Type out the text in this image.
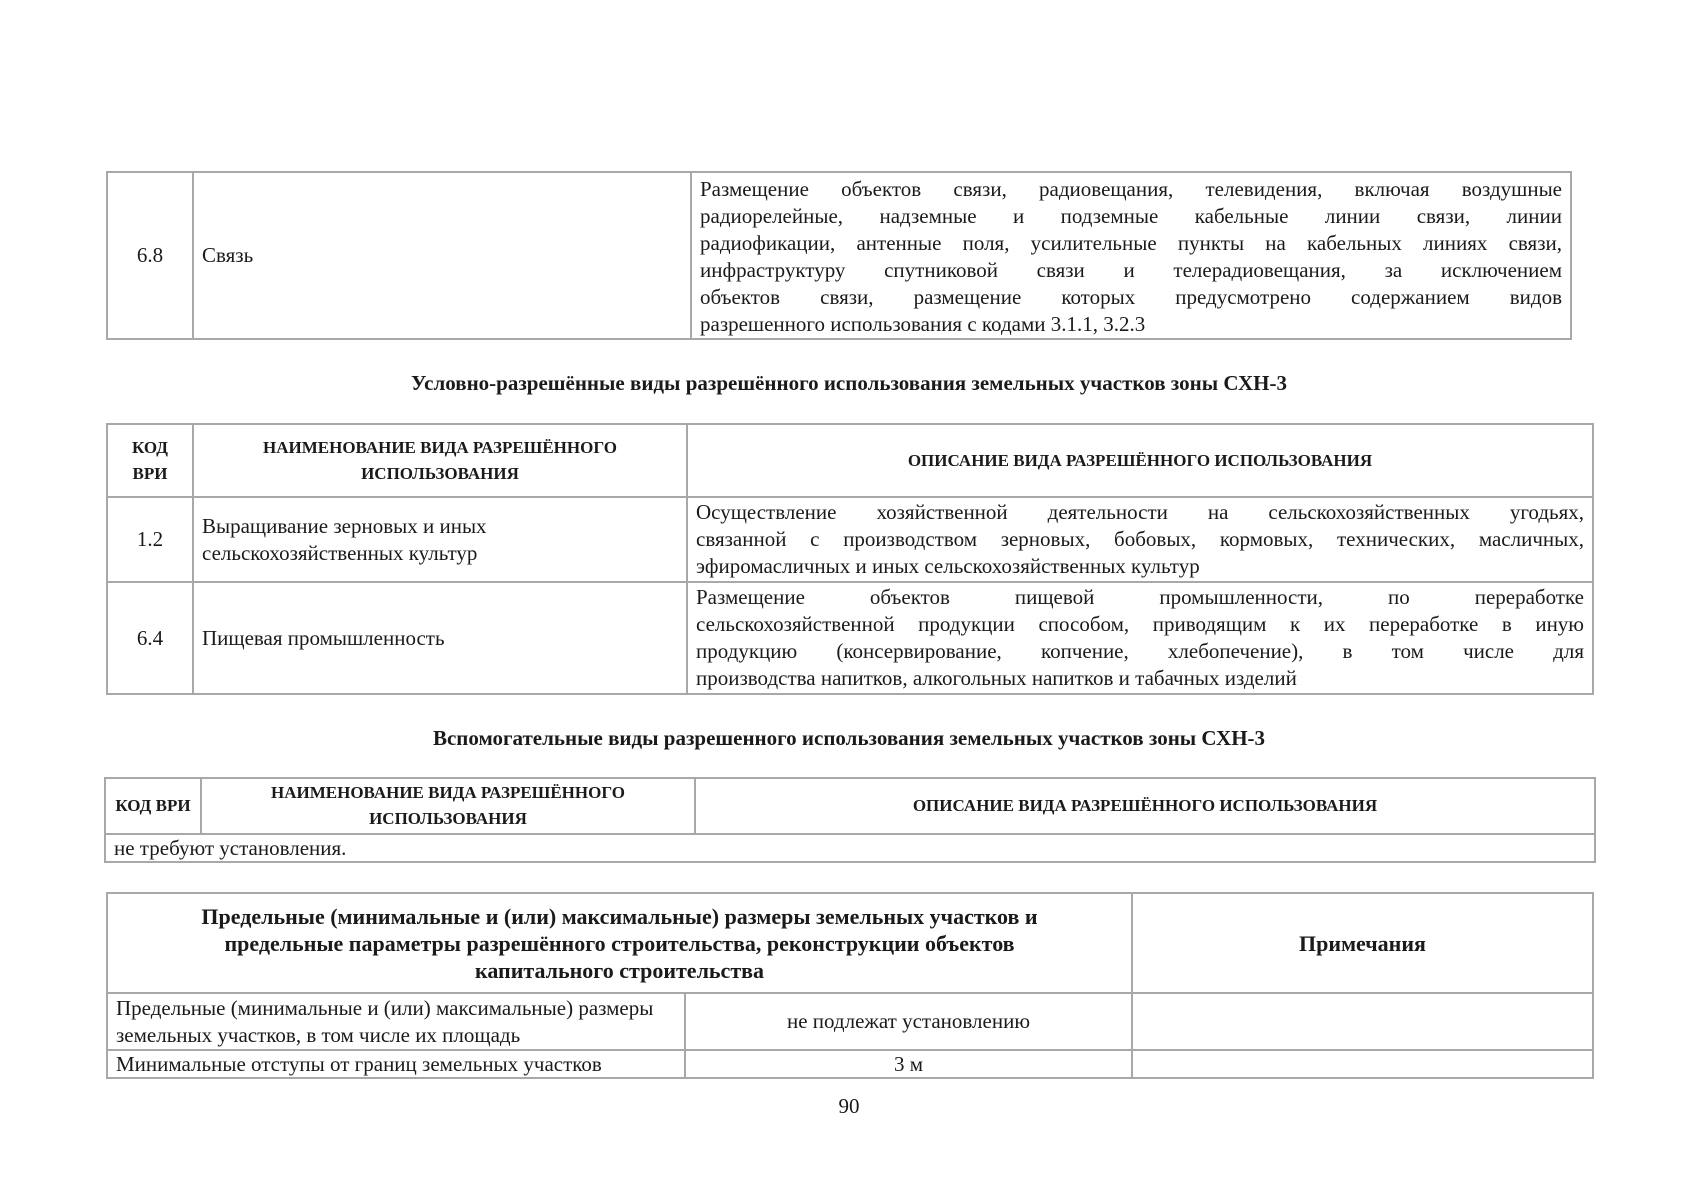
6.8	Связь	
Размещение объектов связи, радиовещания, телевидения, включая воздушные
радиорелейные, надземные и подземные кабельные линии связи, линии
радиофикации, антенные поля, усилительные пункты на кабельных линиях связи,
инфраструктуру спутниковой связи и телерадиовещания, за исключением
объектов связи, размещение которых предусмотрено содержанием видов
разрешенного использования с кодами 3.1.1, 3.2.3
Условно-разрешённые виды разрешённого использования земельных участков зоны СХН-3
КОД ВРИ	НАИМЕНОВАНИЕ ВИДА РАЗРЕШЁННОГО ИСПОЛЬЗОВАНИЯ	ОПИСАНИЕ ВИДА РАЗРЕШЁННОГО ИСПОЛЬЗОВАНИЯ
1.2	Выращивание зерновых и иных сельскохозяйственных культур	Осуществление хозяйственной деятельности на сельскохозяйственных угодьях,
связанной с производством зерновых, бобовых, кормовых, технических, масличных,
эфиромасличных и иных сельскохозяйственных культур

6.4	Пищевая промышленность	Размещение объектов пищевой промышленности, по переработке
сельскохозяйственной продукции способом, приводящим к их переработке в иную
продукцию (консервирование, копчение, хлебопечение), в том числе для
производства напитков, алкогольных напитков и табачных изделий
Вспомогательные виды разрешенного использования земельных участков зоны СХН-3
КОД ВРИ	НАИМЕНОВАНИЕ ВИДА РАЗРЕШЁННОГО ИСПОЛЬЗОВАНИЯ	ОПИСАНИЕ ВИДА РАЗРЕШЁННОГО ИСПОЛЬЗОВАНИЯ
не требуют установления.
Предельные (минимальные и (или) максимальные) размеры земельных участков и предельные параметры разрешённого строительства, реконструкции объектов капитального строительства		Примечания
Предельные (минимальные и (или) максимальные) размеры земельных участков, в том числе их площадь	не подлежат установлению	
Минимальные отступы от границ земельных участков	3 м	
90
